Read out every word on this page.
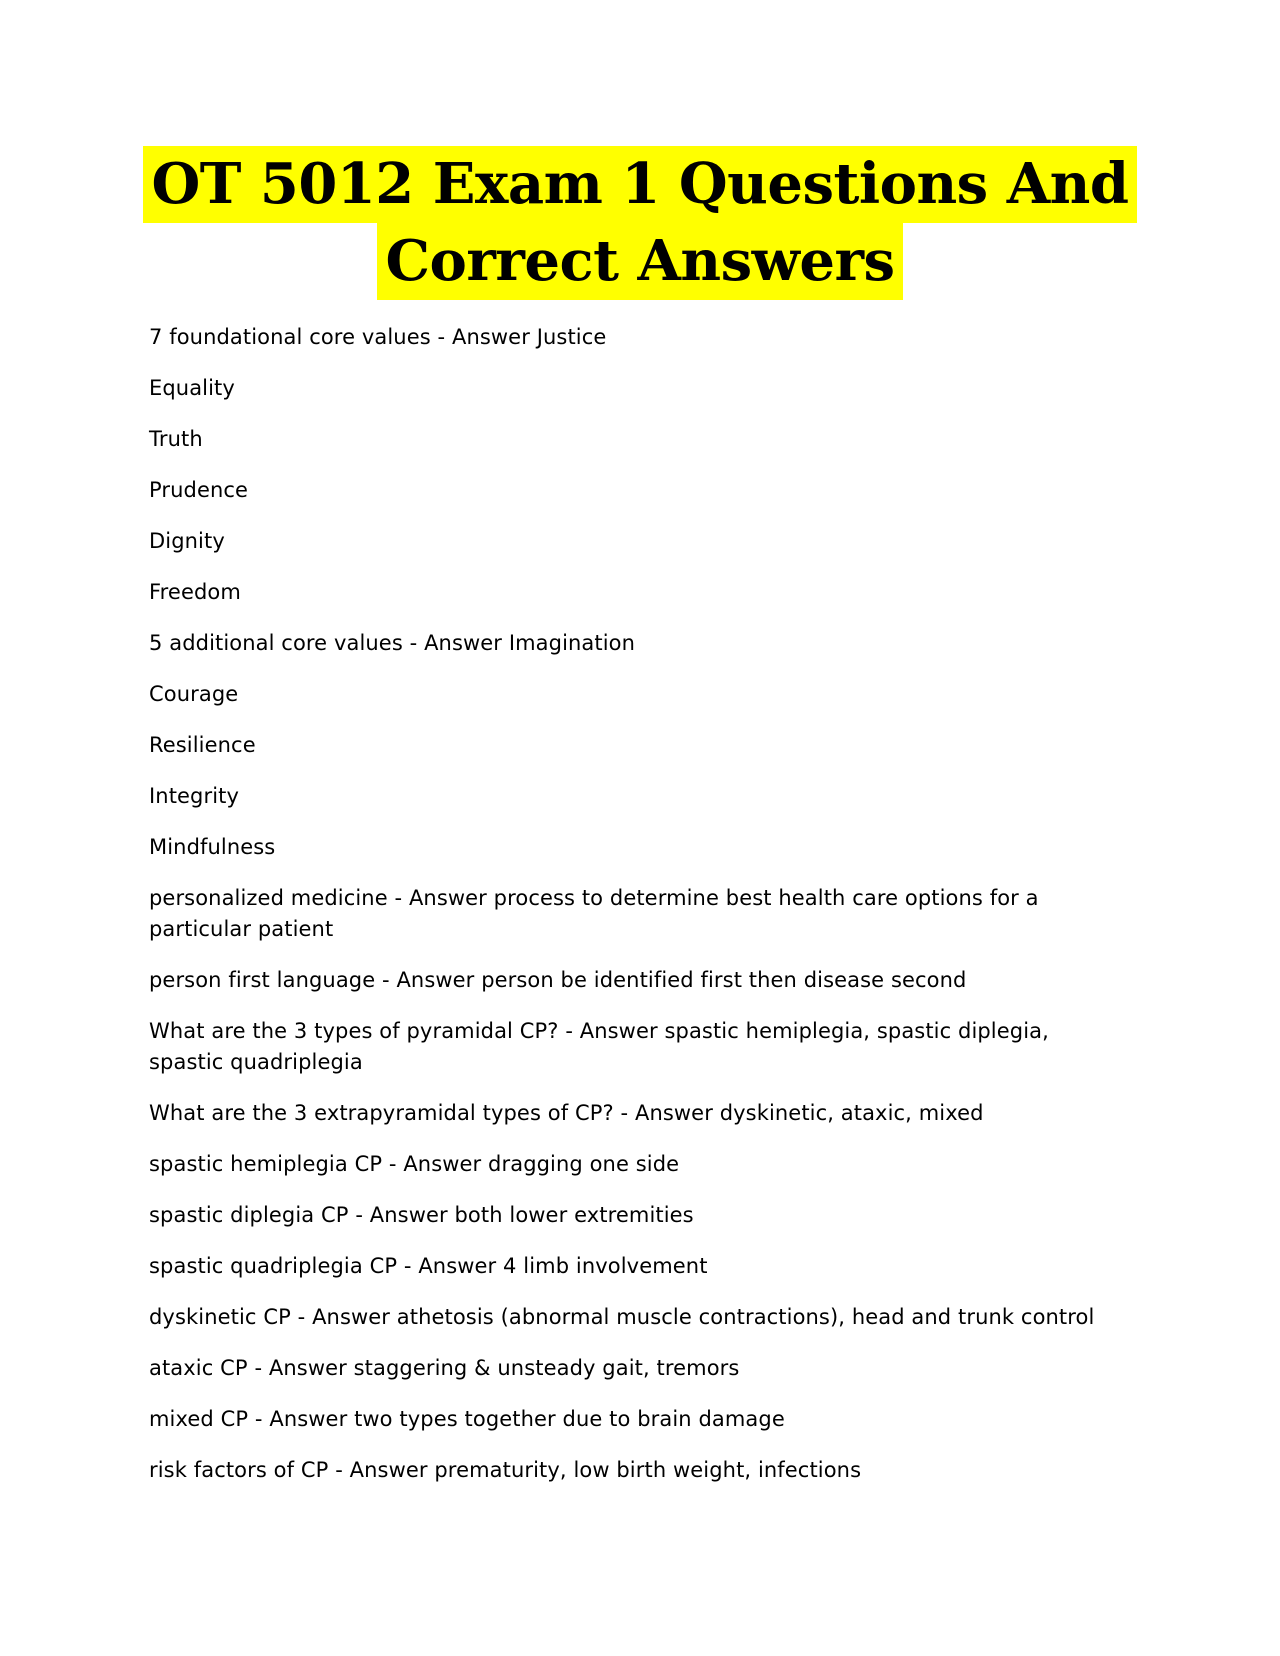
OT 5012 Exam 1 Questions And
Correct Answers

7 foundational core values - Answer Justice

Equality

Truth

Prudence

Dignity

Freedom

5 additional core values - Answer Imagination

Courage

Resilience

Integrity

Mindfulness

personalized medicine - Answer process to determine best health care options for a particular patient

person first language - Answer person be identified first then disease second

What are the 3 types of pyramidal CP? - Answer spastic hemiplegia, spastic diplegia, spastic quadriplegia

What are the 3 extrapyramidal types of CP? - Answer dyskinetic, ataxic, mixed

spastic hemiplegia CP - Answer dragging one side

spastic diplegia CP - Answer both lower extremities

spastic quadriplegia CP - Answer 4 limb involvement

dyskinetic CP - Answer athetosis (abnormal muscle contractions), head and trunk control

ataxic CP - Answer staggering & unsteady gait, tremors

mixed CP - Answer two types together due to brain damage

risk factors of CP - Answer prematurity, low birth weight, infections
